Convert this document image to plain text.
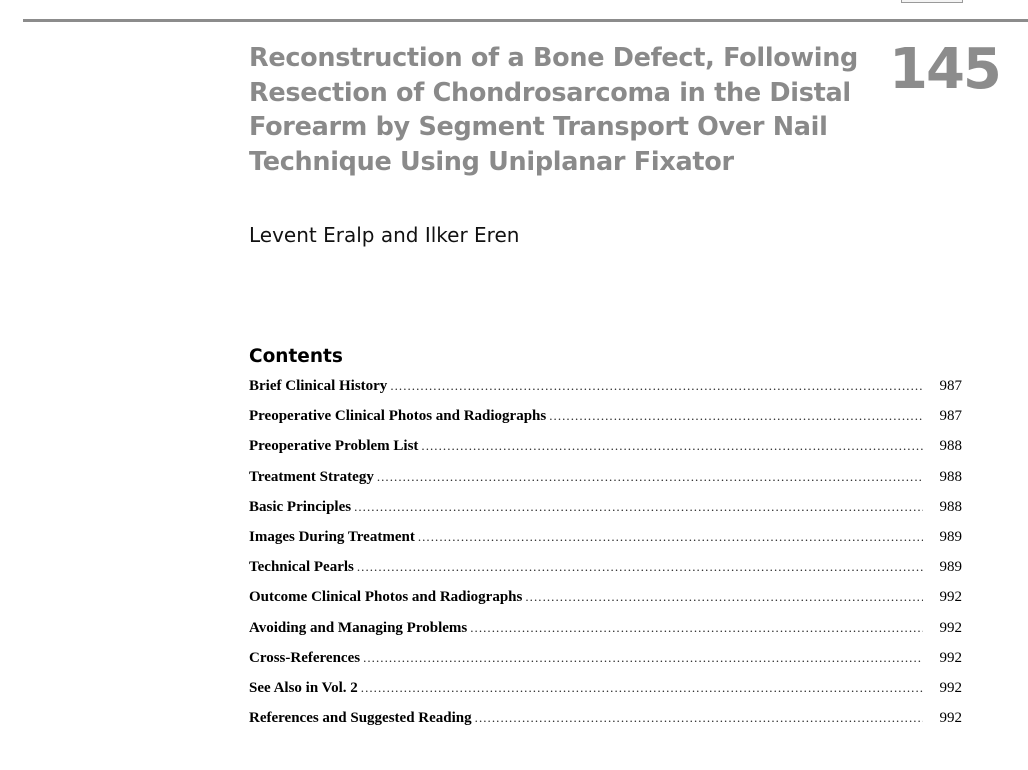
Reconstruction of a Bone Defect, Following
Resection of Chondrosarcoma in the Distal
Forearm by Segment Transport Over Nail
Technique Using Uniplanar Fixator
145
Levent Eralp and Ilker Eren
Contents
Brief Clinical History .....	987
Preoperative Clinical Photos and Radiographs .....	987
Preoperative Problem List .....	988
Treatment Strategy .....	988
Basic Principles .....	988
Images During Treatment .....	989
Technical Pearls .....	989
Outcome Clinical Photos and Radiographs .....	992
Avoiding and Managing Problems .....	992
Cross-References .....	992
See Also in Vol. 2 .....	992
References and Suggested Reading .....	992
